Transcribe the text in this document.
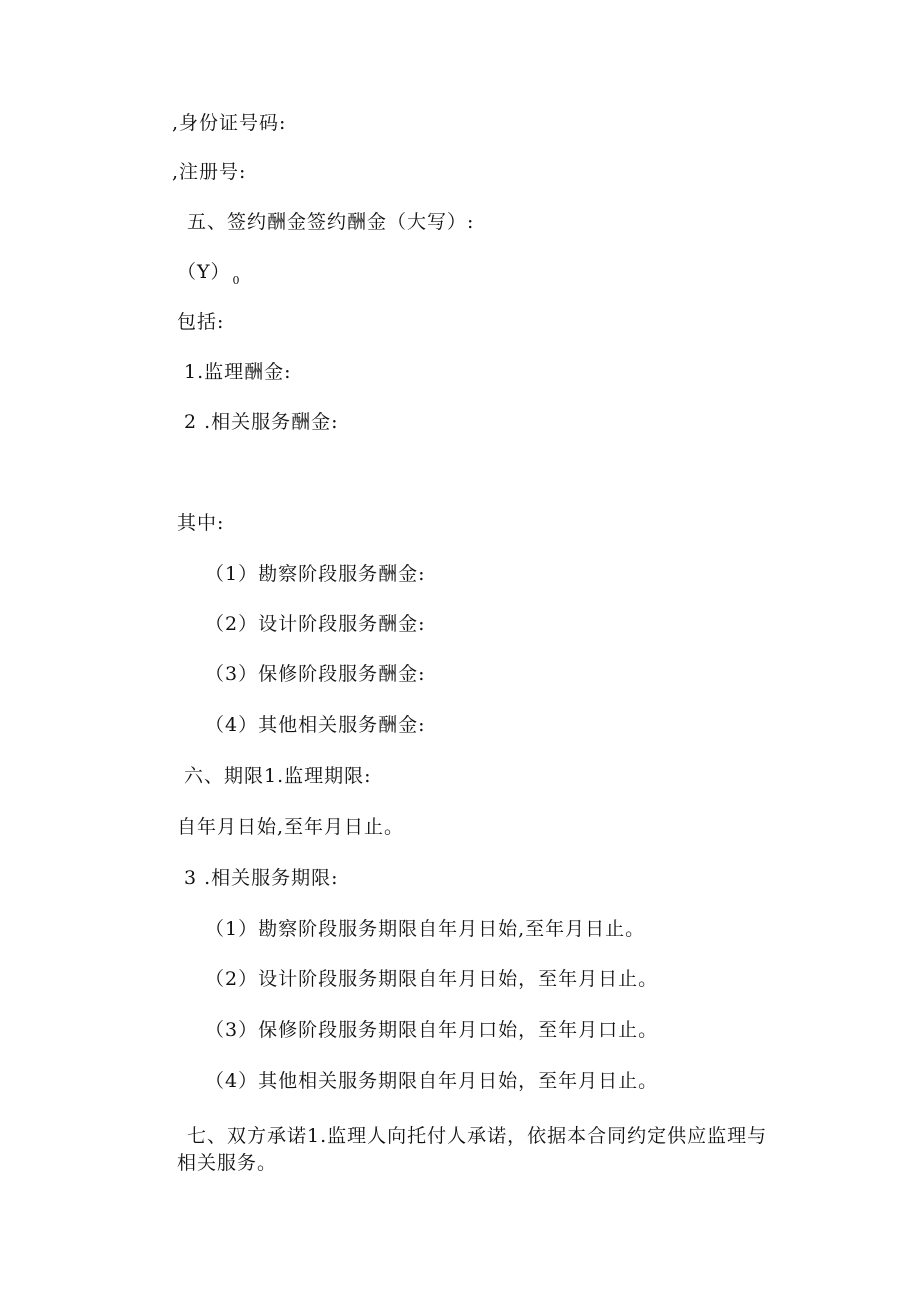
,身份证号码:
,注册号:
五、签约酬金签约酬金（大写）:
（Y） $_0$
包括:
1.监理酬金:
2 .相关服务酬金:
其中:
（1）勘察阶段服务酬金:
（2）设计阶段服务酬金:
（3）保修阶段服务酬金:
（4）其他相关服务酬金:
六、期限1.监理期限:
自年月日始,至年月日止。
3 .相关服务期限:
（1）勘察阶段服务期限自年月日始,至年月日止。
（2）设计阶段服务期限自年月日始，至年月日止。
（3）保修阶段服务期限自年月口始，至年月口止。
（4）其他相关服务期限自年月日始，至年月日止。
七、双方承诺1.监理人向托付人承诺，依据本合同约定供应监理与
相关服务。
